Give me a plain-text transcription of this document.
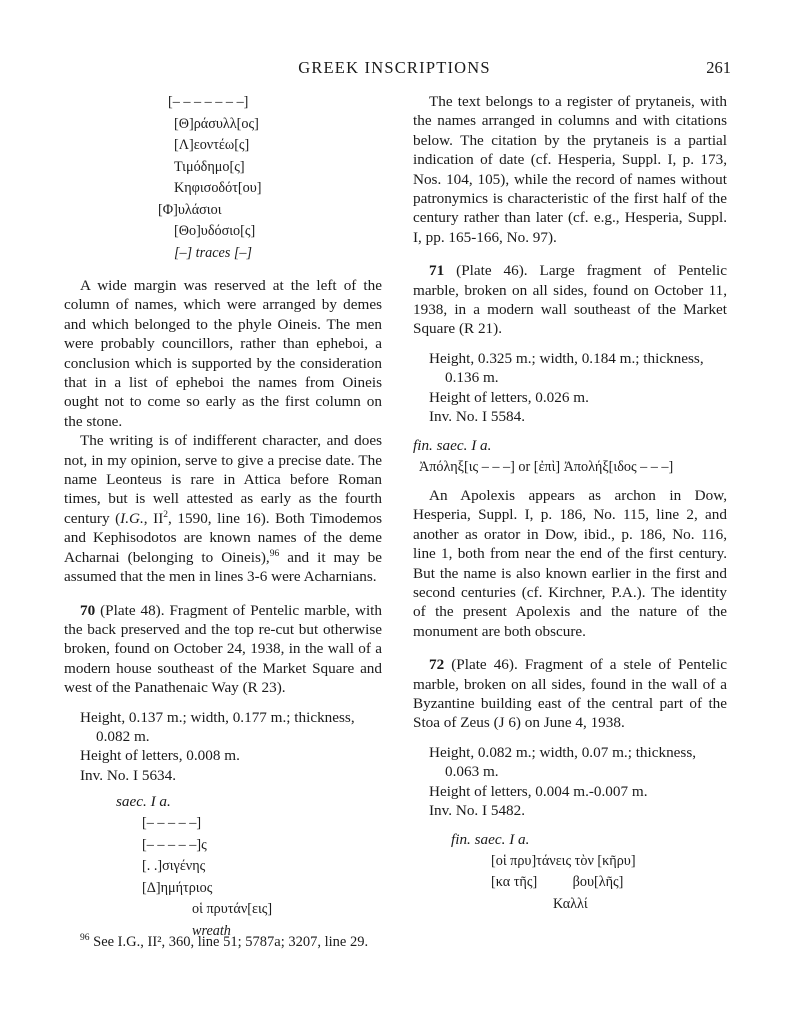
GREEK INSCRIPTIONS	261
[– – – – – – –]
[Θ]ράσυλλ[ος]
[Λ]εοντέω[ς]
Τιμόδημο[ς]
Κηφισοδότ[ου]
[Φ]υλάσιοι
[Θο]υδόσιο[ς]
[–] traces [–]

A wide margin was reserved at the left of the column of names, which were arranged by demes and which belonged to the phyle Oineis. The men were probably councillors, rather than epheboi, a conclusion which is supported by the consideration that in a list of epheboi the names from Oineis ought not to come so early as the first column on the stone.

The writing is of indifferent character, and does not, in my opinion, serve to give a precise date. The name Leonteus is rare in Attica before Roman times, but is well attested as early as the fourth century (I.G., $II^2$, 1590, line 16). Both Timodemos and Kephisodotos are known names of the deme Acharnai (belonging to Oineis),$^{96}$ and it may be assumed that the men in lines 3-6 were Acharnians.

70 (Plate 48). Fragment of Pentelic marble, with the back preserved and the top re-cut but otherwise broken, found on October 24, 1938, in the wall of a modern house southeast of the Market Square and west of the Panathenaic Way (R 23).

Height, 0.137 m.; width, 0.177 m.; thickness,
0.082 m.
Height of letters, 0.008 m.
Inv. No. I 5634.
saec. I a.
[– – – – –]
[– – – – –]ς
[. .]σιγένης
[Δ]ημήτριος
οἱ πρυτάν[εις]
wreath

The text belongs to a register of prytaneis, with the names arranged in columns and with citations below. The citation by the prytaneis is a partial indication of date (cf. Hesperia, Suppl. I, p. 173, Nos. 104, 105), while the record of names without patronymics is characteristic of the first half of the century rather than later (cf. e.g., Hesperia, Suppl. I, pp. 165-166, No. 97).

71 (Plate 46). Large fragment of Pentelic marble, broken on all sides, found on October 11, 1938, in a modern wall southeast of the Market Square (R 21).

Height, 0.325 m.; width, 0.184 m.; thickness,
0.136 m.
Height of letters, 0.026 m.
Inv. No. I 5584.
fin. saec. I a.
Ἀπόληξ[ις – – –] or [ἐπὶ] Ἀπολήξ[ιδος – – –]

An Apolexis appears as archon in Dow, Hesperia, Suppl. I, p. 186, No. 115, line 2, and another as orator in Dow, ibid., p. 186, No. 116, line 1, both from near the end of the first century. But the name is also known earlier in the first and second centuries (cf. Kirchner, P.A.). The identity of the present Apolexis and the nature of the monument are both obscure.

72 (Plate 46). Fragment of a stele of Pentelic marble, broken on all sides, found in the wall of a Byzantine building east of the central part of the Stoa of Zeus (J 6) on June 4, 1938.

Height, 0.082 m.; width, 0.07 m.; thickness,
0.063 m.
Height of letters, 0.004 m.-0.007 m.
Inv. No. I 5482.
fin. saec. I a.
[οἱ πρυ]τάνεις τὸν [κῆρυ]
[κα τῆς]          βου[λῆς]
Καλλί
$^{96}$ See I.G., II², 360, line 51; 5787a; 3207, line 29.
